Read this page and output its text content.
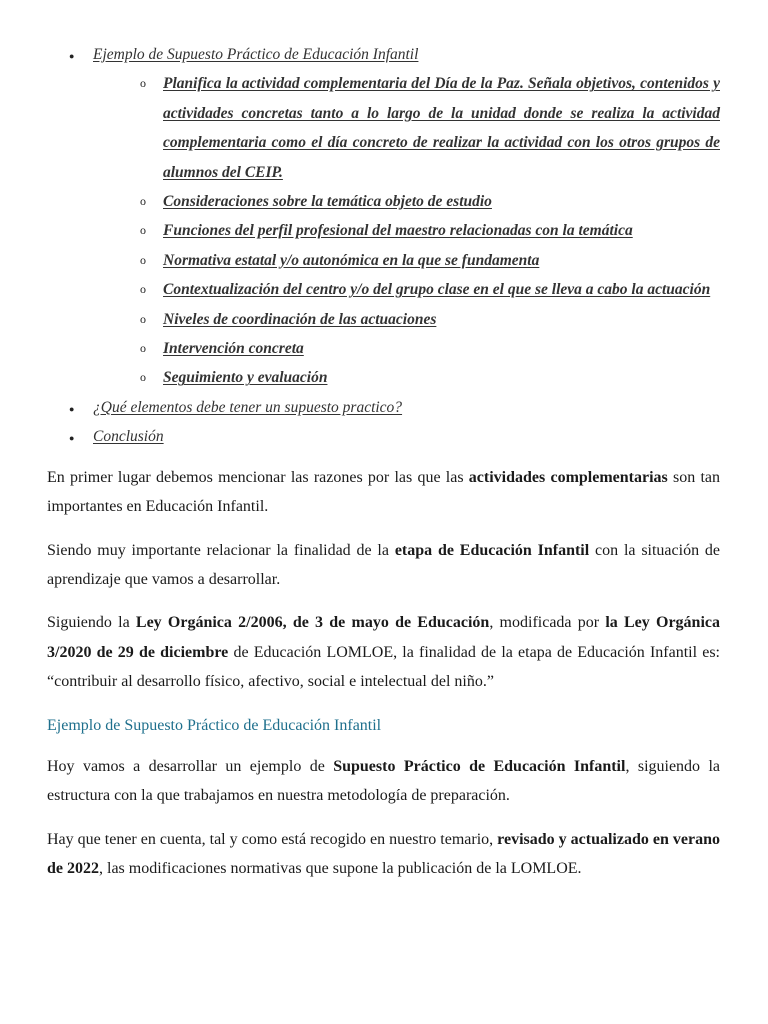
● Ejemplo de Supuesto Práctico de Educación Infantil
o Planifica la actividad complementaria del Día de la Paz. Señala objetivos, contenidos y actividades concretas tanto a lo largo de la unidad donde se realiza la actividad complementaria como el día concreto de realizar la actividad con los otros grupos de alumnos del CEIP.
o Consideraciones sobre la temática objeto de estudio
o Funciones del perfil profesional del maestro relacionadas con la temática
o Normativa estatal y/o autonómica en la que se fundamenta
o Contextualización del centro y/o del grupo clase en el que se lleva a cabo la actuación
o Niveles de coordinación de las actuaciones
o Intervención concreta
o Seguimiento y evaluación
● ¿Qué elementos debe tener un supuesto practico?
● Conclusión

En primer lugar debemos mencionar las razones por las que las actividades complementarias son tan importantes en Educación Infantil.

Siendo muy importante relacionar la finalidad de la etapa de Educación Infantil con la situación de aprendizaje que vamos a desarrollar.

Siguiendo la Ley Orgánica 2/2006, de 3 de mayo de Educación, modificada por la Ley Orgánica 3/2020 de 29 de diciembre de Educación LOMLOE, la finalidad de la etapa de Educación Infantil es: “contribuir al desarrollo físico, afectivo, social e intelectual del niño.”

Ejemplo de Supuesto Práctico de Educación Infantil

Hoy vamos a desarrollar un ejemplo de Supuesto Práctico de Educación Infantil, siguiendo la estructura con la que trabajamos en nuestra metodología de preparación.

Hay que tener en cuenta, tal y como está recogido en nuestro temario, revisado y actualizado en verano de 2022, las modificaciones normativas que supone la publicación de la LOMLOE.
